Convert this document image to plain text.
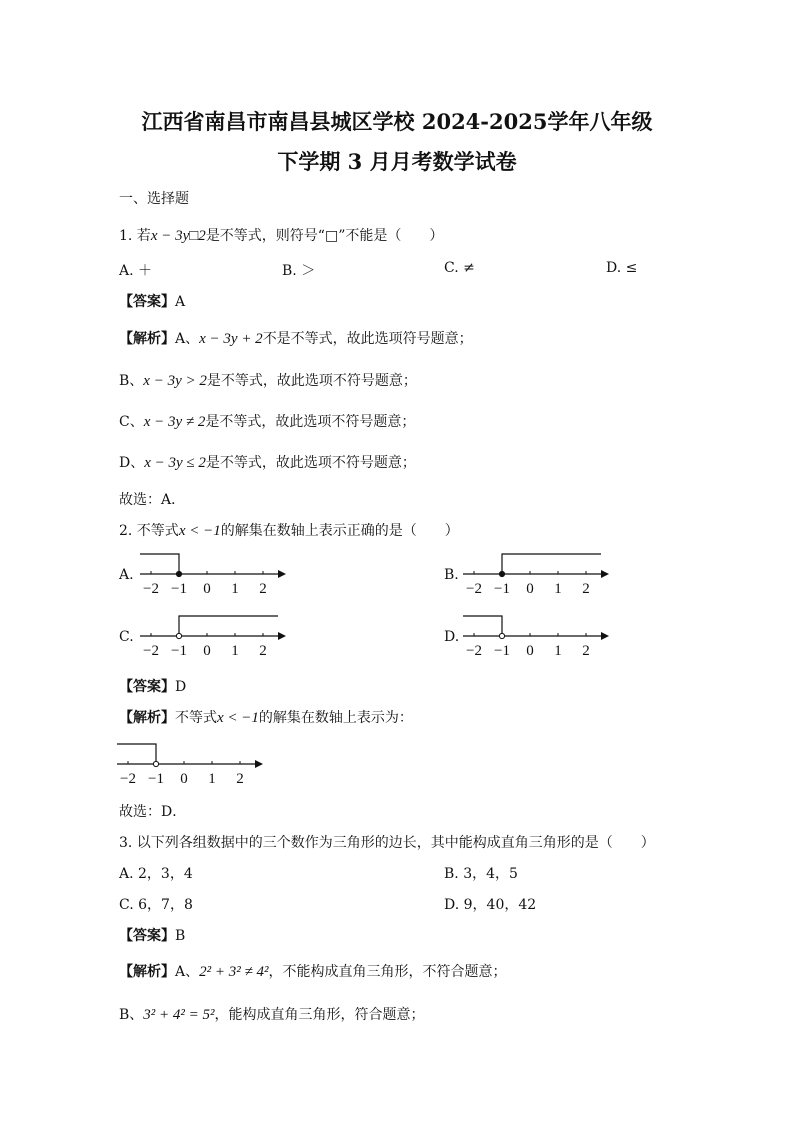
江西省南昌市南昌县城区学校 2024-2025学年八年级
下学期 3 月月考数学试卷
一、选择题
1. 若x − 3y□2是不等式，则符号“□”不能是（　　）
A. ＋	B. ＞	C. ≠	D. ≤
【答案】A
【解析】A、x − 3y + 2不是不等式，故此选项符号题意；
B、x − 3y > 2是不等式，故此选项不符号题意；
C、x − 3y ≠ 2是不等式，故此选项不符号题意；
D、x − 3y ≤ 2是不等式，故此选项不符号题意；
故选：A．
2. 不等式x < −1的解集在数轴上表示正确的是（　　）
A.	B.
C.	D.
−2 −1 0 1 2	−2 −1 0 1 2
−2 −1 0 1 2	−2 −1 0 1 2
【答案】D
【解析】不等式x < −1的解集在数轴上表示为：
−2 −1 0 1 2
故选：D．
3. 以下列各组数据中的三个数作为三角形的边长，其中能构成直角三角形的是（　　）
A. 2，3，4	B. 3，4，5
C. 6，7，8	D. 9，40，42
【答案】B
【解析】A、2² + 3² ≠ 4²，不能构成直角三角形，不符合题意；
B、3² + 4² = 5²，能构成直角三角形，符合题意；
